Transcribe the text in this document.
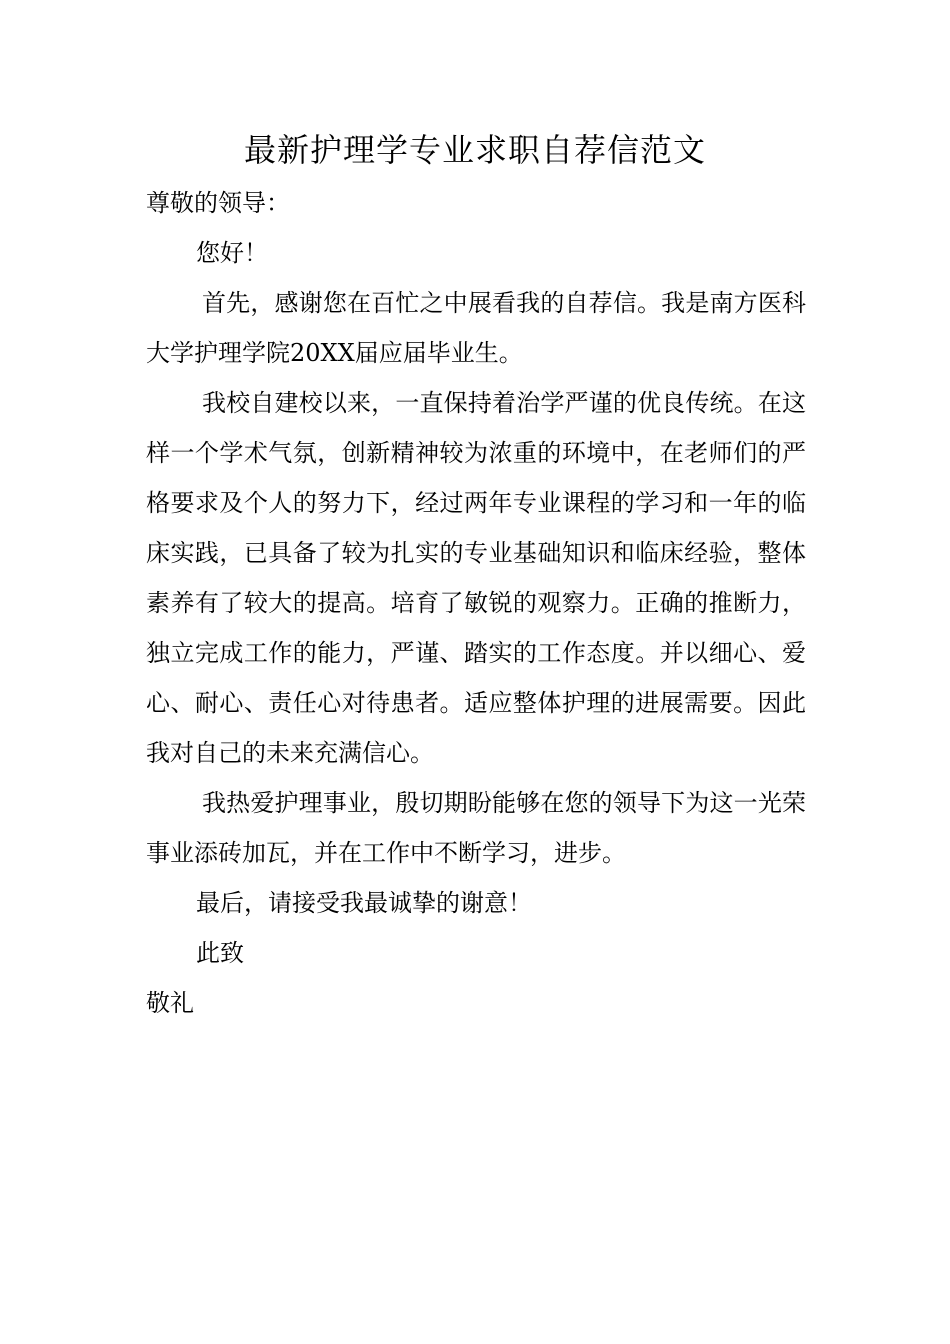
最新护理学专业求职自荐信范文

尊敬的领导：

您好！

首先，感谢您在百忙之中展看我的自荐信。我是南方医科大学护理学院20XX届应届毕业生。

我校自建校以来，一直保持着治学严谨的优良传统。在这样一个学术气氛，创新精神较为浓重的环境中，在老师们的严格要求及个人的努力下，经过两年专业课程的学习和一年的临床实践，已具备了较为扎实的专业基础知识和临床经验，整体素养有了较大的提高。培育了敏锐的观察力。正确的推断力，独立完成工作的能力，严谨、踏实的工作态度。并以细心、爱心、耐心、责任心对待患者。适应整体护理的进展需要。因此我对自己的未来充满信心。

我热爱护理事业，殷切期盼能够在您的领导下为这一光荣事业添砖加瓦，并在工作中不断学习，进步。

最后，请接受我最诚挚的谢意！

此致

敬礼
